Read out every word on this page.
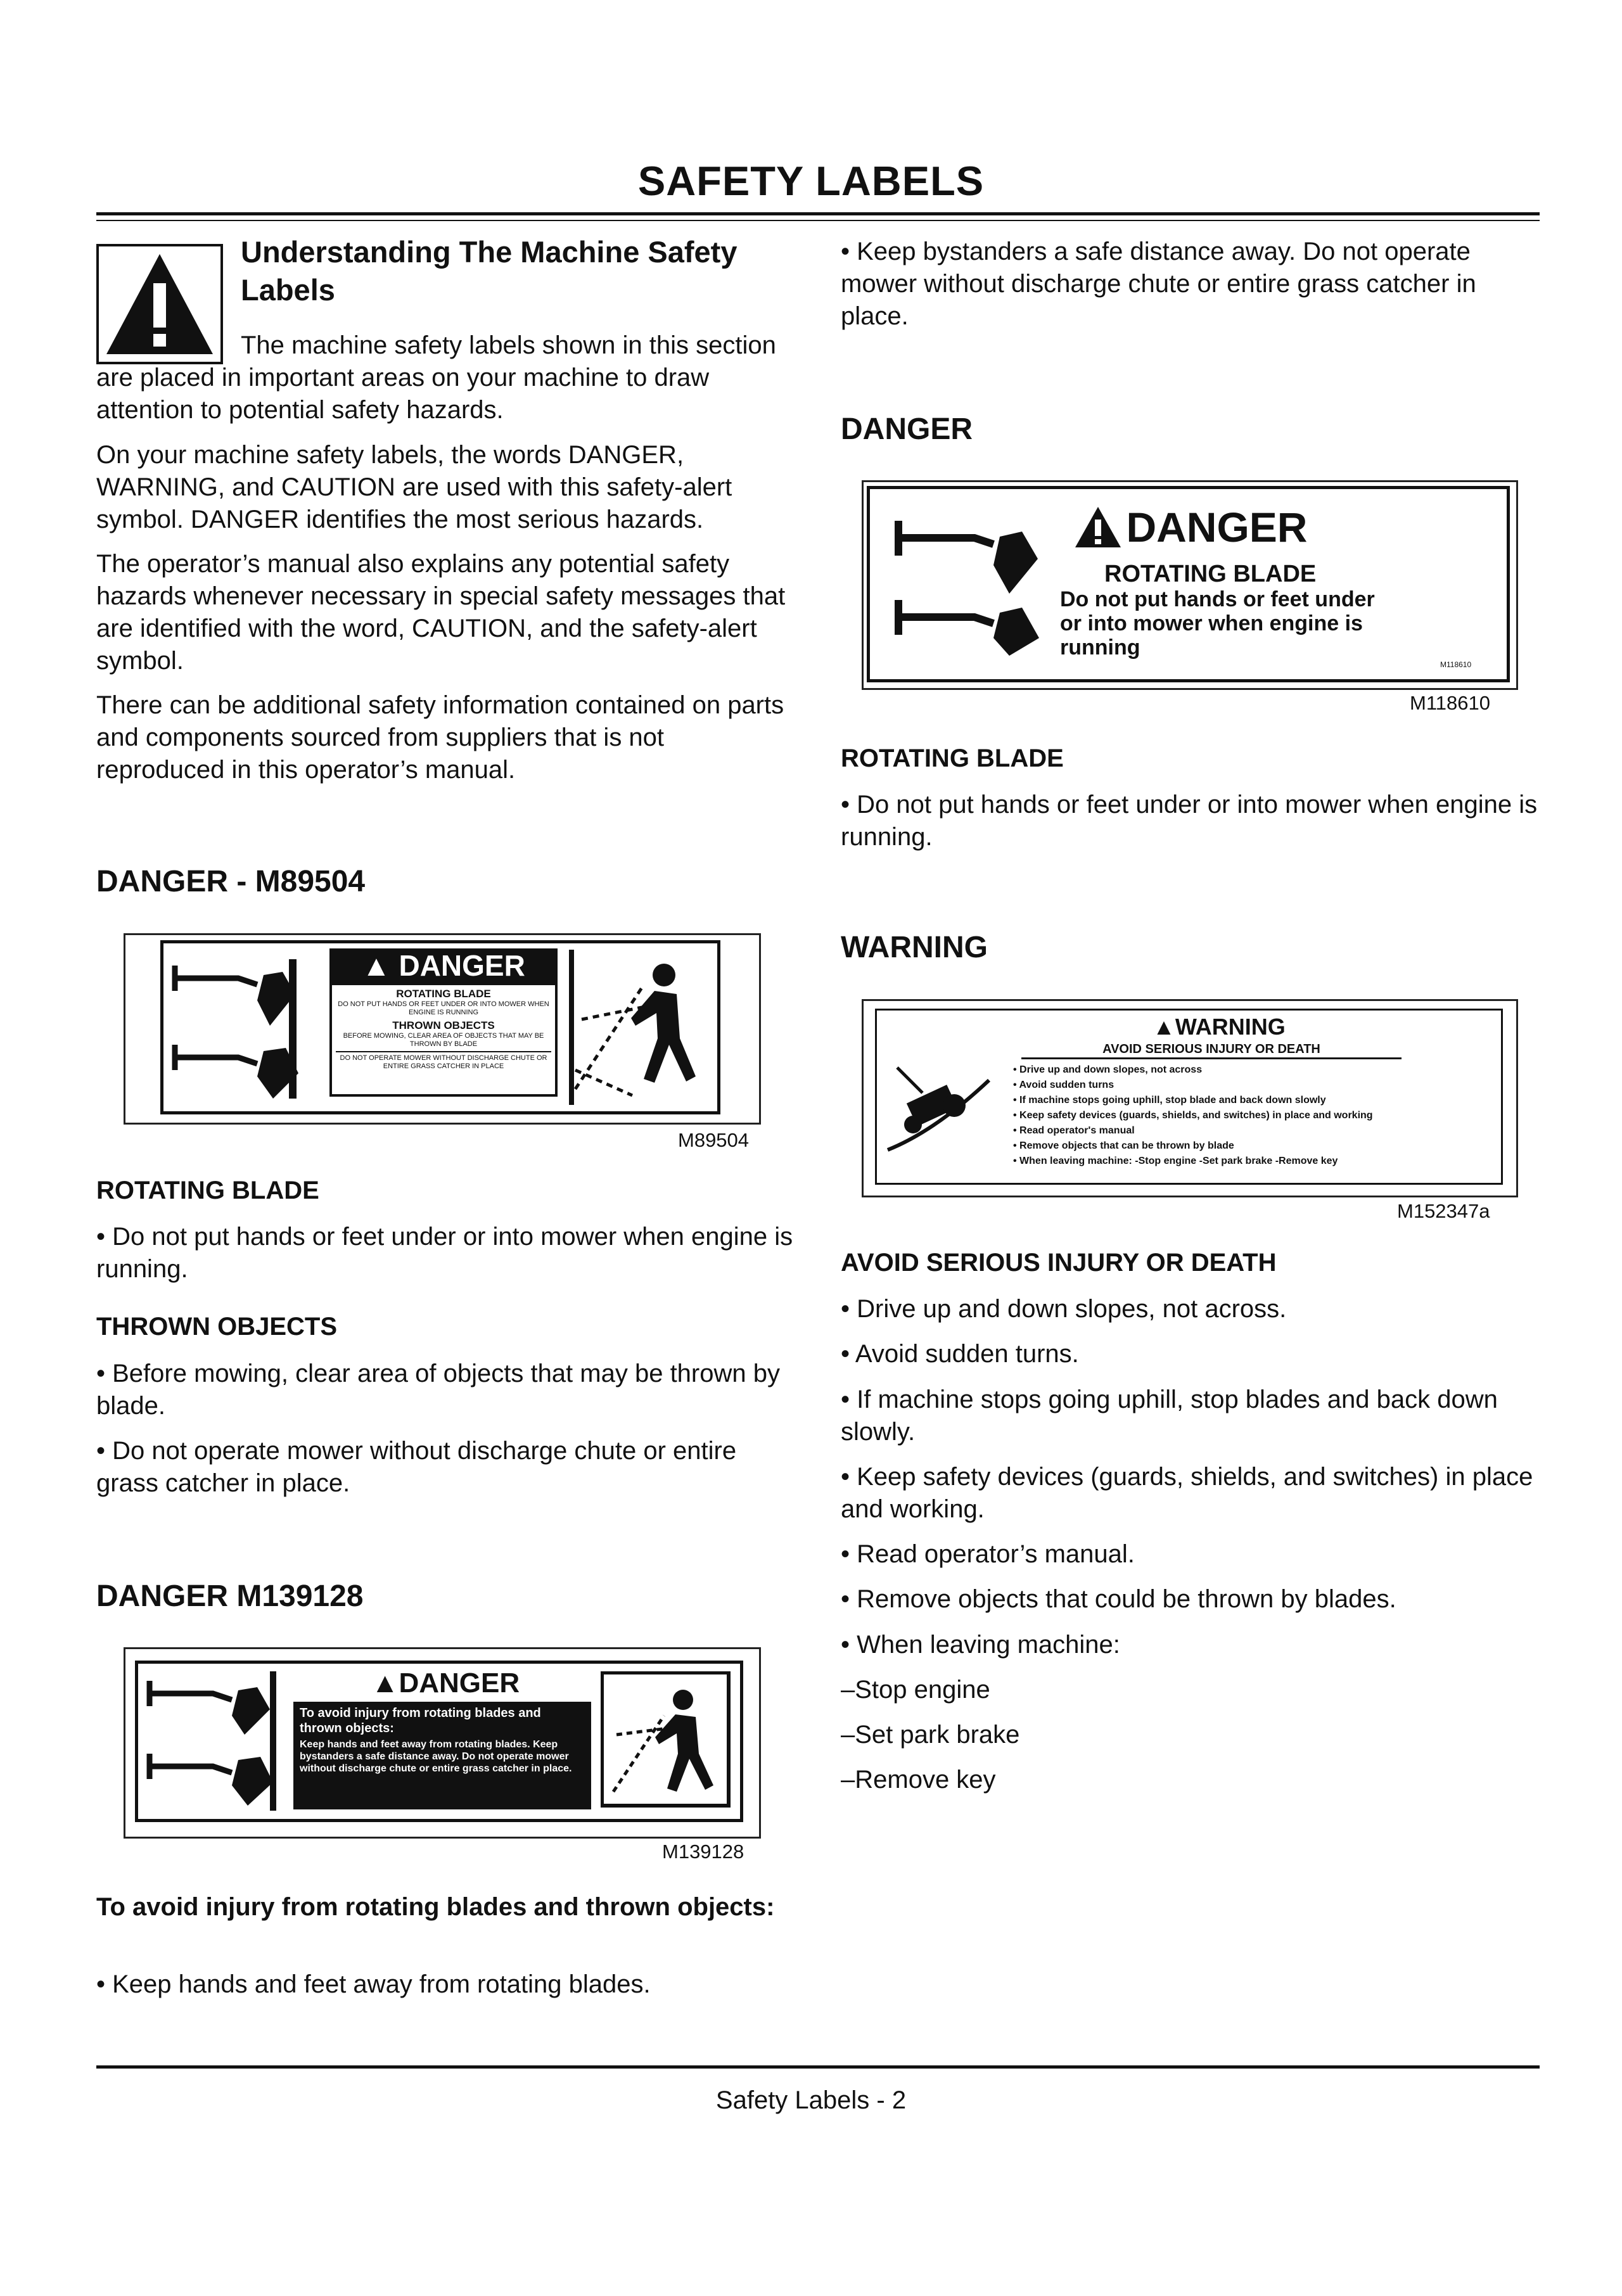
SAFETY LABELS
Understanding The Machine Safety Labels
The machine safety labels shown in this section are placed in important areas on your machine to draw attention to potential safety hazards.
On your machine safety labels, the words DANGER, WARNING, and CAUTION are used with this safety-alert symbol. DANGER identifies the most serious hazards.
The operator’s manual also explains any potential safety hazards whenever necessary in special safety messages that are identified with the word, CAUTION, and the safety-alert symbol.
There can be additional safety information contained on parts and components sourced from suppliers that is not reproduced in this operator’s manual.
DANGER - M89504
▲ DANGER
ROTATING BLADE
DO NOT PUT HANDS OR FEET UNDER OR INTO MOWER WHEN ENGINE IS RUNNING
THROWN OBJECTS
BEFORE MOWING, CLEAR AREA OF OBJECTS THAT MAY BE THROWN BY BLADE
DO NOT OPERATE MOWER WITHOUT DISCHARGE CHUTE OR ENTIRE GRASS CATCHER IN PLACE
M89504
ROTATING BLADE
• Do not put hands or feet under or into mower when engine is running.
THROWN OBJECTS
• Before mowing, clear area of objects that may be thrown by blade.
• Do not operate mower without discharge chute or entire grass catcher in place.
DANGER M139128
▲DANGER
To avoid injury from rotating blades and thrown objects:
Keep hands and feet away from rotating blades. Keep bystanders a safe distance away. Do not operate mower without discharge chute or entire grass catcher in place.
M139128
To avoid injury from rotating blades and thrown objects:
• Keep hands and feet away from rotating blades.
• Keep bystanders a safe distance away. Do not operate mower without discharge chute or entire grass catcher in place.
DANGER
DANGER
ROTATING BLADE
Do not put hands or feet under or into mower when engine is running
M118610
M118610
ROTATING BLADE
• Do not put hands or feet under or into mower when engine is running.
WARNING
▲WARNING
AVOID SERIOUS INJURY OR DEATH
• Drive up and down slopes, not across
• Avoid sudden turns
• If machine stops going uphill, stop blade and back down slowly
• Keep safety devices (guards, shields, and switches) in place and working
• Read operator's manual
• Remove objects that can be thrown by blade
• When leaving machine: -Stop engine -Set park brake -Remove key
M152347a
AVOID SERIOUS INJURY OR DEATH
• Drive up and down slopes, not across.
• Avoid sudden turns.
• If machine stops going uphill, stop blades and back down slowly.
• Keep safety devices (guards, shields, and switches) in place and working.
• Read operator’s manual.
• Remove objects that could be thrown by blades.
• When leaving machine:
–Stop engine
–Set park brake
–Remove key
Safety Labels - 2
